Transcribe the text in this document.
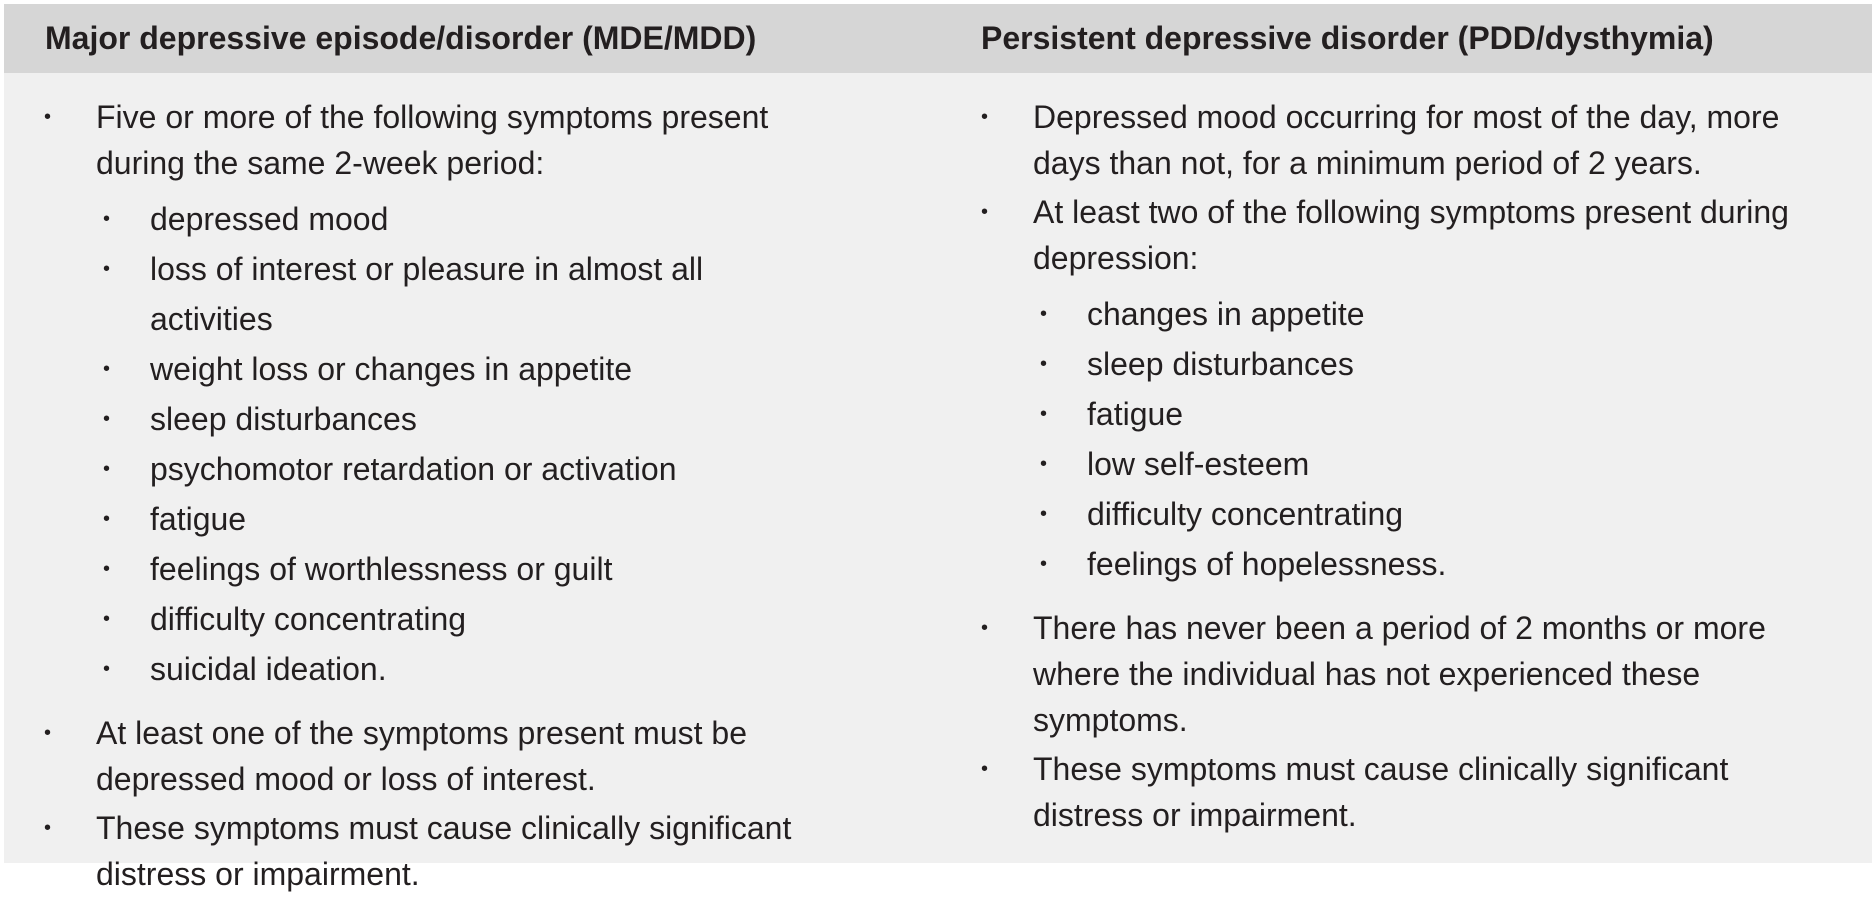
Major depressive episode/disorder (MDE/MDD)	Persistent depressive disorder (PDD/dysthymia)
• Five or more of the following symptoms present during the same 2-week period:
• depressed mood
• loss of interest or pleasure in almost all activities
• weight loss or changes in appetite
• sleep disturbances
• psychomotor retardation or activation
• fatigue
• feelings of worthlessness or guilt
• difficulty concentrating
• suicidal ideation.
• At least one of the symptoms present must be depressed mood or loss of interest.
• These symptoms must cause clinically significant distress or impairment.
• Depressed mood occurring for most of the day, more days than not, for a minimum period of 2 years.
• At least two of the following symptoms present during depression:
• changes in appetite
• sleep disturbances
• fatigue
• low self-esteem
• difficulty concentrating
• feelings of hopelessness.
• There has never been a period of 2 months or more where the individual has not experienced these symptoms.
• These symptoms must cause clinically significant distress or impairment.
